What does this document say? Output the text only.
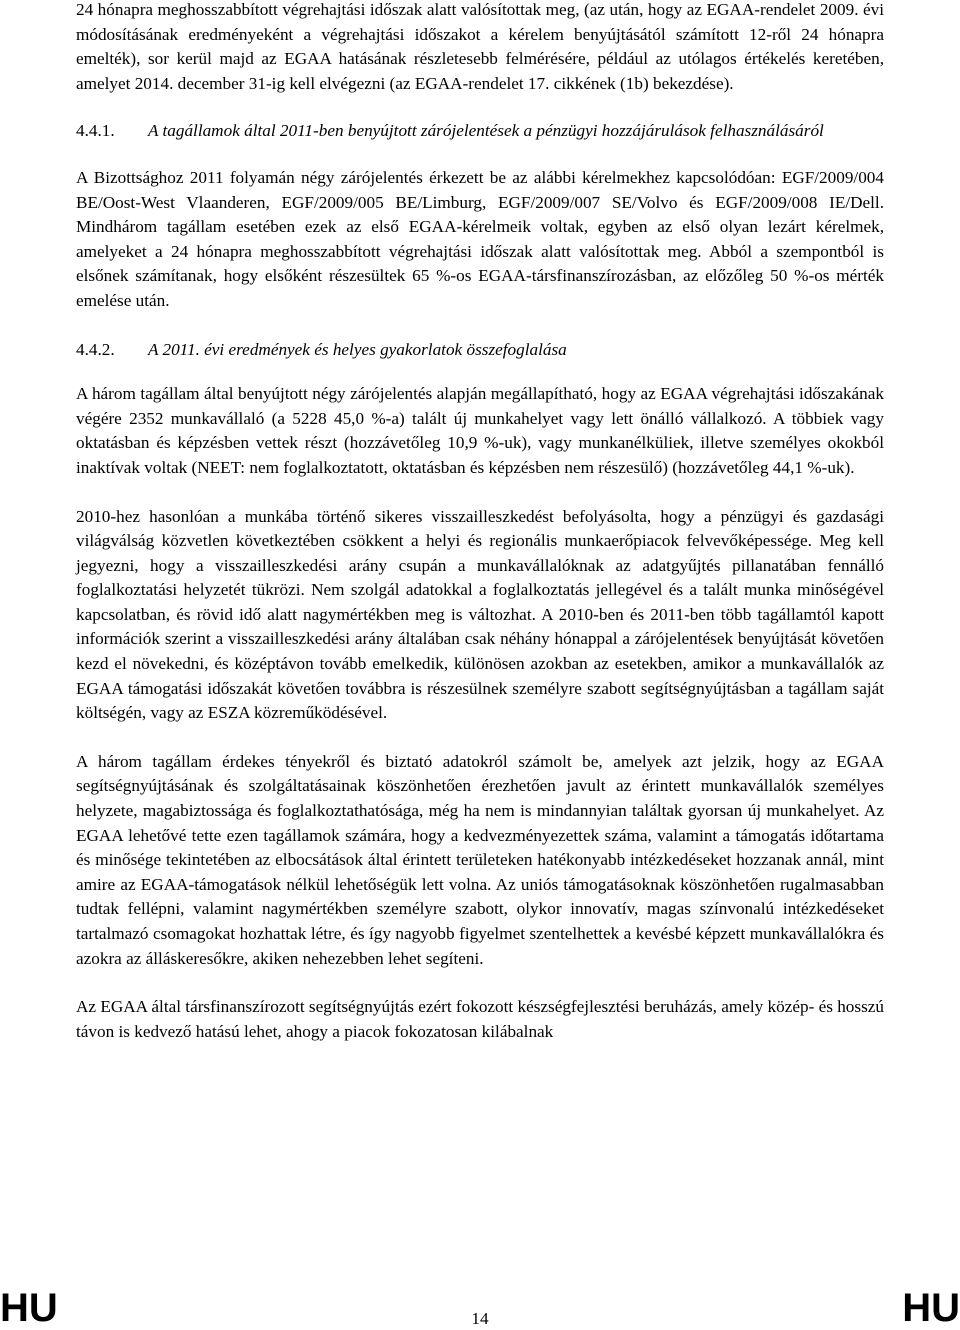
24 hónapra meghosszabbított végrehajtási időszak alatt valósítottak meg, (az után, hogy az EGAA-rendelet 2009. évi módosításának eredményeként a végrehajtási időszakot a kérelem benyújtásától számított 12-ről 24 hónapra emelték), sor kerül majd az EGAA hatásának részletesebb felmérésére, például az utólagos értékelés keretében, amelyet 2014. december 31-ig kell elvégezni (az EGAA-rendelet 17. cikkének (1b) bekezdése).

4.4.1.	A tagállamok által 2011-ben benyújtott zárójelentések a pénzügyi hozzájárulások felhasználásáról

A Bizottsághoz 2011 folyamán négy zárójelentés érkezett be az alábbi kérelmekhez kapcsolódóan: EGF/2009/004 BE/Oost-West Vlaanderen, EGF/2009/005 BE/Limburg, EGF/2009/007 SE/Volvo és EGF/2009/008 IE/Dell. Mindhárom tagállam esetében ezek az első EGAA-kérelmeik voltak, egyben az első olyan lezárt kérelmek, amelyeket a 24 hónapra meghosszabbított végrehajtási időszak alatt valósítottak meg. Abból a szempontból is elsőnek számítanak, hogy elsőként részesültek 65 %-os EGAA-társfinanszírozásban, az előzőleg 50 %-os mérték emelése után.

4.4.2.	A 2011. évi eredmények és helyes gyakorlatok összefoglalása

A három tagállam által benyújtott négy zárójelentés alapján megállapítható, hogy az EGAA végrehajtási időszakának végére 2352 munkavállaló (a 5228 45,0 %-a) talált új munkahelyet vagy lett önálló vállalkozó. A többiek vagy oktatásban és képzésben vettek részt (hozzávetőleg 10,9 %-uk), vagy munkanélküliek, illetve személyes okokból inaktívak voltak (NEET: nem foglalkoztatott, oktatásban és képzésben nem részesülő) (hozzávetőleg 44,1 %-uk).

2010-hez hasonlóan a munkába történő sikeres visszailleszkedést befolyásolta, hogy a pénzügyi és gazdasági világválság közvetlen következtében csökkent a helyi és regionális munkaerőpiacok felvevőképessége. Meg kell jegyezni, hogy a visszailleszkedési arány csupán a munkavállalóknak az adatgyűjtés pillanatában fennálló foglalkoztatási helyzetét tükrözi. Nem szolgál adatokkal a foglalkoztatás jellegével és a talált munka minőségével kapcsolatban, és rövid idő alatt nagymértékben meg is változhat. A 2010-ben és 2011-ben több tagállamtól kapott információk szerint a visszailleszkedési arány általában csak néhány hónappal a zárójelentések benyújtását követően kezd el növekedni, és középtávon tovább emelkedik, különösen azokban az esetekben, amikor a munkavállalók az EGAA támogatási időszakát követően továbbra is részesülnek személyre szabott segítségnyújtásban a tagállam saját költségén, vagy az ESZA közreműködésével.

A három tagállam érdekes tényekről és biztató adatokról számolt be, amelyek azt jelzik, hogy az EGAA segítségnyújtásának és szolgáltatásainak köszönhetően érezhetően javult az érintett munkavállalók személyes helyzete, magabiztossága és foglalkoztathatósága, még ha nem is mindannyian találtak gyorsan új munkahelyet. Az EGAA lehetővé tette ezen tagállamok számára, hogy a kedvezményezettek száma, valamint a támogatás időtartama és minősége tekintetében az elbocsátások által érintett területeken hatékonyabb intézkedéseket hozzanak annál, mint amire az EGAA-támogatások nélkül lehetőségük lett volna. Az uniós támogatásoknak köszönhetően rugalmasabban tudtak fellépni, valamint nagymértékben személyre szabott, olykor innovatív, magas színvonalú intézkedéseket tartalmazó csomagokat hozhattak létre, és így nagyobb figyelmet szentelhettek a kevésbé képzett munkavállalókra és azokra az álláskeresőkre, akiken nehezebben lehet segíteni.

Az EGAA által társfinanszírozott segítségnyújtás ezért fokozott készségfejlesztési beruházás, amely közép- és hosszú távon is kedvező hatású lehet, ahogy a piacok fokozatosan kilábalnak

HU	14	HU
